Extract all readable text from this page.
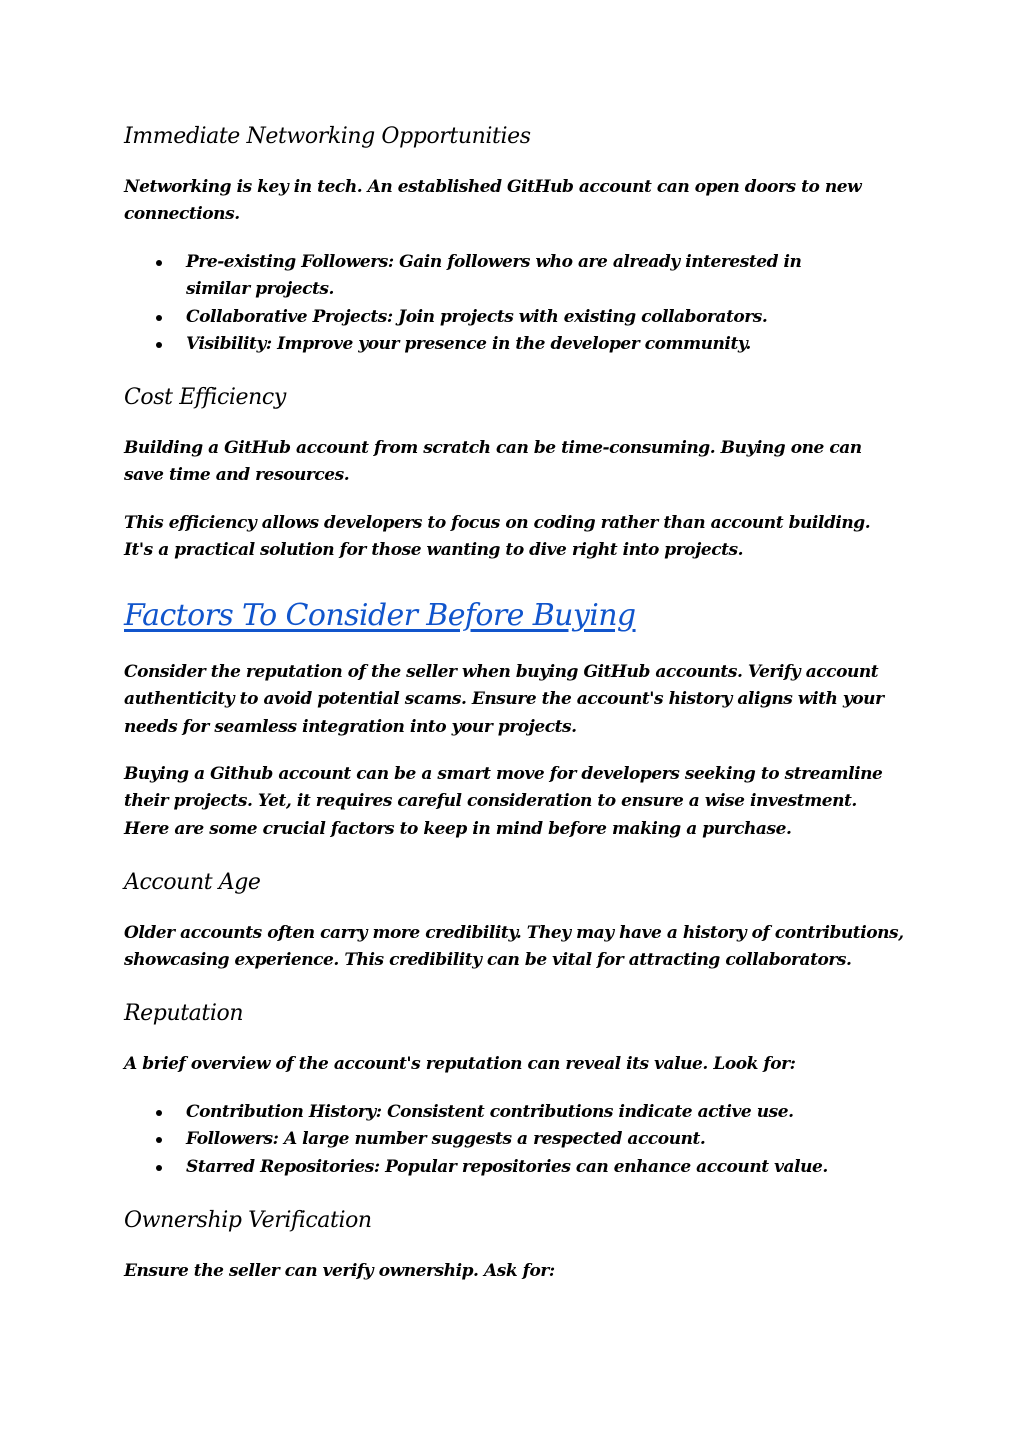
Immediate Networking Opportunities

Networking is key in tech. An established GitHub account can open doors to new connections.

Pre-existing Followers: Gain followers who are already interested in similar projects.
Collaborative Projects: Join projects with existing collaborators.
Visibility: Improve your presence in the developer community.
Cost Efficiency

Building a GitHub account from scratch can be time-consuming. Buying one can save time and resources.

This efficiency allows developers to focus on coding rather than account building. It's a practical solution for those wanting to dive right into projects.

Factors To Consider Before Buying

Consider the reputation of the seller when buying GitHub accounts. Verify account authenticity to avoid potential scams. Ensure the account's history aligns with your needs for seamless integration into your projects.

Buying a Github account can be a smart move for developers seeking to streamline their projects. Yet, it requires careful consideration to ensure a wise investment. Here are some crucial factors to keep in mind before making a purchase.

Account Age

Older accounts often carry more credibility. They may have a history of contributions, showcasing experience. This credibility can be vital for attracting collaborators.

Reputation

A brief overview of the account's reputation can reveal its value. Look for:

Contribution History: Consistent contributions indicate active use.
Followers: A large number suggests a respected account.
Starred Repositories: Popular repositories can enhance account value.
Ownership Verification

Ensure the seller can verify ownership. Ask for:
